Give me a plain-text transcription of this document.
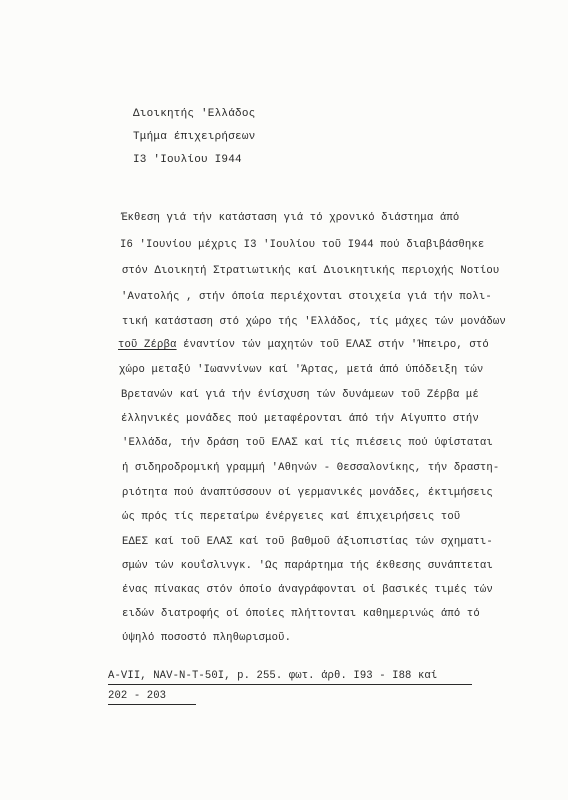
Διοικητής 'Ελλάδος
Τμήμα έπιχειρήσεων
I3 'Ιουλίου I944
Έκθεση γιά τήν κατάσταση γιά τό χρονικό διάστημα άπό
I6 'Ιουνίου μέχρις I3 'Ιουλίου τοῦ I944 πού διαβιβάσθηκε
στόν Διοικητή Στρατιωτικής καί Διοικητικής περιοχής Νοτίου
'Ανατολής , στήν όποία περιέχονται στοιχεία γιά τήν πολι-
τική κατάσταση στό χώρο τής 'Ελλάδος, τίς μάχες τών μονάδων
τοῦ Ζέρβα έναντίον τών μαχητών τοῦ ΕΛΑΣ στήν 'Ήπειρο, στό
χώρο μεταξύ 'Ιωαννίνων καί 'Άρτας, μετά άπό ύπόδειξη τών
Βρετανών καί γιά τήν ένίσχυση τών δυνάμεων τοῦ Ζέρβα μέ
έλληνικές μονάδες πού μεταφέρονται άπό τήν Αίγυπτο στήν
'Ελλάδα, τήν δράση τοῦ ΕΛΑΣ καί τίς πιέσεις πού ύφίσταται
ή σιδηροδρομική γραμμή 'Αθηνών - Θεσσαλονίκης, τήν δραστη-
ριότητα πού άναπτύσσουν οί γερμανικές μονάδες, έκτιμήσεις
ώς πρός τίς περεταίρω ένέργειες καί έπιχειρήσεις τοῦ
ΕΔΕΣ καί τοῦ ΕΛΑΣ καί τοῦ βαθμοῦ άξιοπιστίας τών σχηματι-
σμών τών κουΐσλινγκ. 'Ως παράρτημα τής έκθεσης συνάπτεται
ένας πίνακας στόν όποίο άναγράφονται οί βασικές τιμές τών
ειδών διατροφής οί όποίες πλήττονται καθημερινώς άπό τό
ύψηλό ποσοστό πληθωρισμοῦ.
A-VII, NAV-N-T-50I, p. 255. φωτ. άρθ. I93 - I88 καί
202 - 203
